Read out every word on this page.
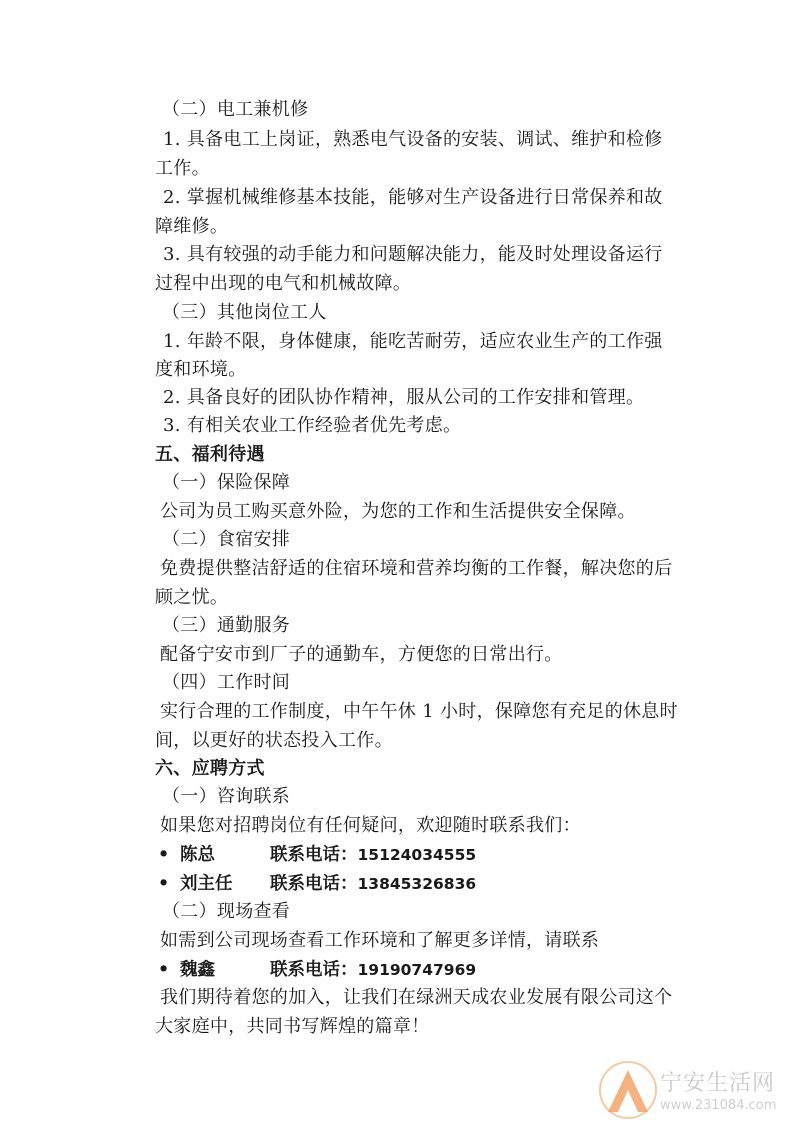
（二）电工兼机修
1. 具备电工上岗证，熟悉电气设备的安装、调试、维护和检修
工作。
2. 掌握机械维修基本技能，能够对生产设备进行日常保养和故
障维修。
3. 具有较强的动手能力和问题解决能力，能及时处理设备运行
过程中出现的电气和机械故障。
（三）其他岗位工人
1. 年龄不限，身体健康，能吃苦耐劳，适应农业生产的工作强
度和环境。
2. 具备良好的团队协作精神，服从公司的工作安排和管理。
3. 有相关农业工作经验者优先考虑。
五、福利待遇
（一）保险保障
公司为员工购买意外险，为您的工作和生活提供安全保障。
（二）食宿安排
免费提供整洁舒适的住宿环境和营养均衡的工作餐，解决您的后
顾之忧。
（三）通勤服务
配备宁安市到厂子的通勤车，方便您的日常出行。
（四）工作时间
实行合理的工作制度，中午午休 1 小时，保障您有充足的休息时
间，以更好的状态投入工作。
六、应聘方式
（一）咨询联系
如果您对招聘岗位有任何疑问，欢迎随时联系我们：
• 陈总	联系电话：15124034555
• 刘主任 联系电话：13845326836
（二）现场查看
如需到公司现场查看工作环境和了解更多详情，请联系
• 魏鑫	联系电话：19190747969
我们期待着您的加入，让我们在绿洲天成农业发展有限公司这个
大家庭中，共同书写辉煌的篇章！
宁安生活网
www.231084.com
